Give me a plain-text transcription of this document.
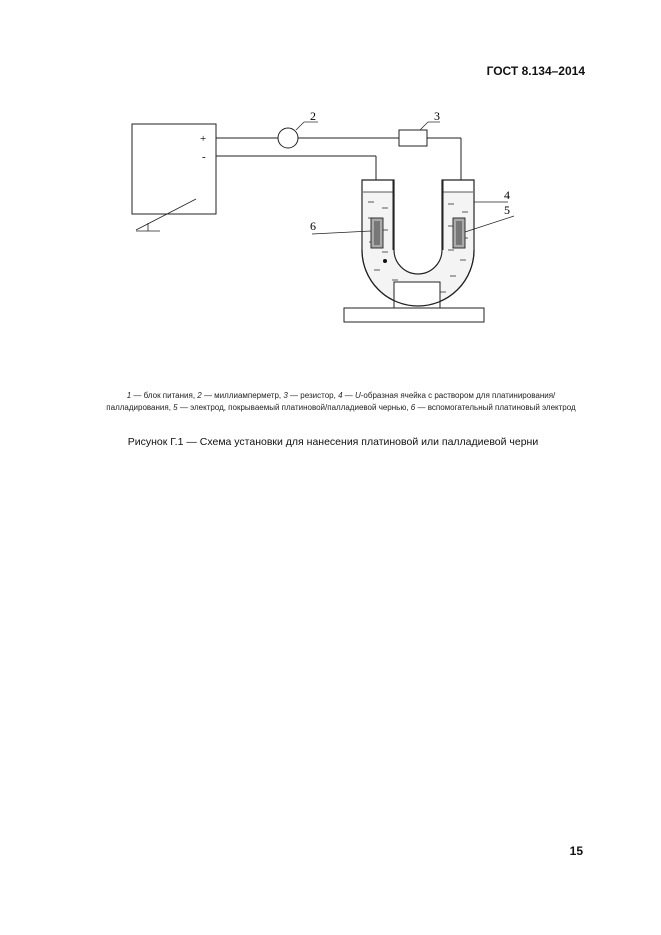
ГОСТ 8.134–2014
+
-
2	3
4
5
6
1 — блок питания, 2 — миллиамперметр, 3 — резистор, 4 — U-образная ячейка с раствором для платинирования/палладирования, 5 — электрод, покрываемый платиновой/палладиевой чернью, 6 — вспомогательный платиновый электрод
Рисунок Г.1 — Схема установки для нанесения платиновой или палладиевой черни
15
